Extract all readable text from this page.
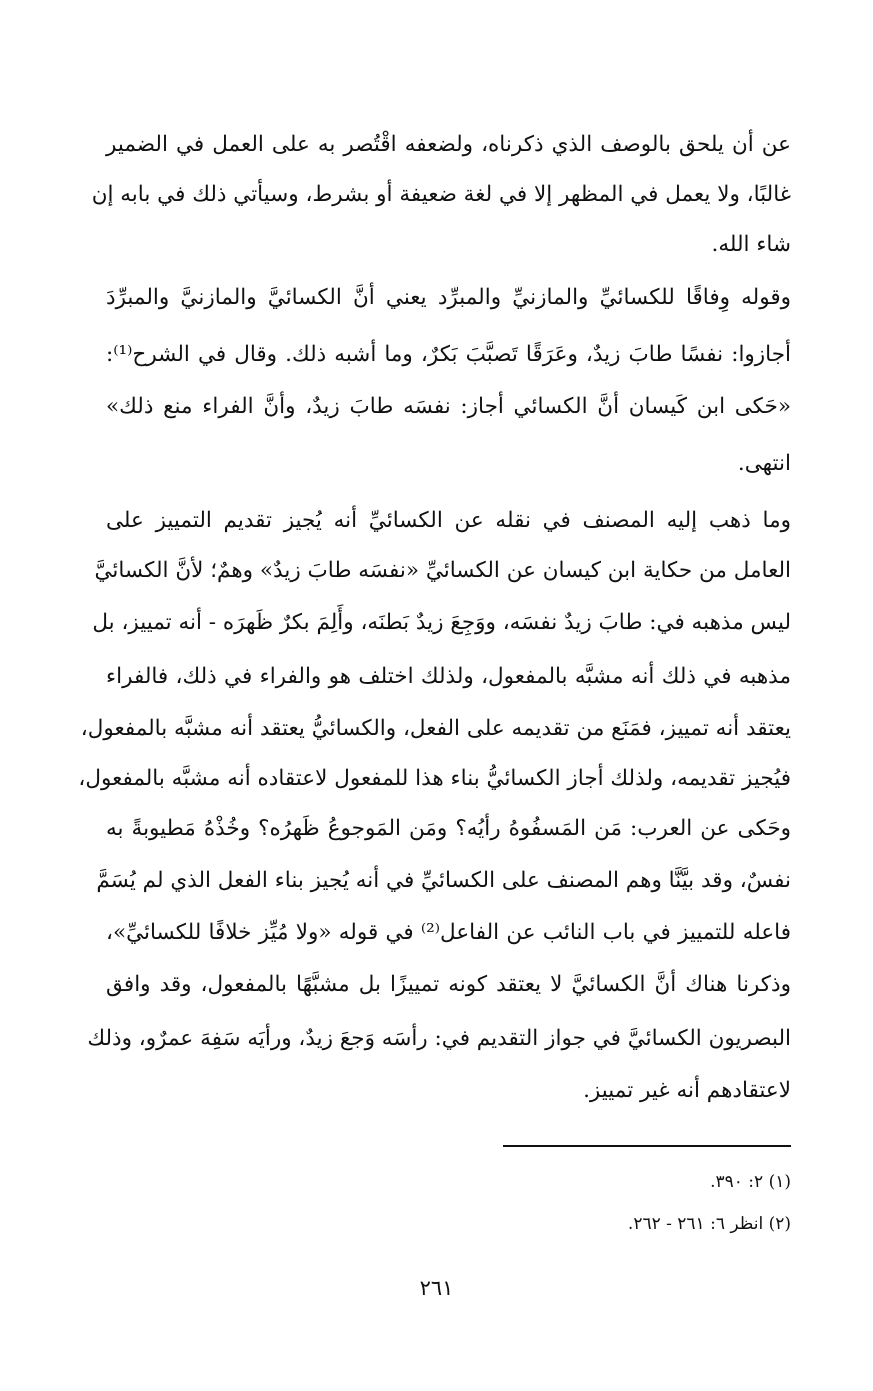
عن أن يلحق بالوصف الذي ذكرناه، ولضعفه اقْتُصر به على العمل في الضمير
غالبًا، ولا يعمل في المظهر إلا في لغة ضعيفة أو بشرط، وسيأتي ذلك في بابه إن
شاء الله.
وقوله وِفاقًا للكسائيِّ والمازنيِّ والمبرِّد يعني أنَّ الكسائيَّ والمازنيَّ والمبرِّدَ
أجازوا: نفسًا طابَ زيدٌ، وعَرَقًا تَصبَّبَ بَكرٌ، وما أشبه ذلك. وقال في الشرح⁽¹⁾:
«حَكى ابن كَيسان أنَّ الكسائي أجاز: نفسَه طابَ زيدٌ، وأنَّ الفراء منع ذلك»
انتهى.
وما ذهب إليه المصنف في نقله عن الكسائيِّ أنه يُجيز تقديم التمييز على
العامل من حكاية ابن كيسان عن الكسائيِّ «نفسَه طابَ زيدٌ» وهمٌ؛ لأنَّ الكسائيَّ
ليس مذهبه في: طابَ زيدٌ نفسَه، ووَجِعَ زيدٌ بَطنَه، وأَلِمَ بكرٌ ظَهرَه - أنه تمييز، بل
مذهبه في ذلك أنه مشبَّه بالمفعول، ولذلك اختلف هو والفراء في ذلك، فالفراء
يعتقد أنه تمييز، فمَنَع من تقديمه على الفعل، والكسائيُّ يعتقد أنه مشبَّه بالمفعول،
فيُجيز تقديمه، ولذلك أجاز الكسائيُّ بناء هذا للمفعول لاعتقاده أنه مشبَّه بالمفعول،
وحَكى عن العرب: مَن المَسفُوهُ رأيُه؟ ومَن المَوجوعُ ظَهرُه؟ وخُذْهُ مَطيوبةً به
نفسٌ، وقد بيَّنَّا وهم المصنف على الكسائيِّ في أنه يُجيز بناء الفعل الذي لم يُسَمَّ
فاعله للتمييز في باب النائب عن الفاعل⁽²⁾ في قوله «ولا مُيِّز خلافًا للكسائيِّ»،
وذكرنا هناك أنَّ الكسائيَّ لا يعتقد كونه تمييزًا بل مشبَّهًا بالمفعول، وقد وافق
البصريون الكسائيَّ في جواز التقديم في: رأسَه وَجعَ زيدٌ، ورأيَه سَفِهَ عمرٌو، وذلك
لاعتقادهم أنه غير تمييز.
(١) ٢: ٣٩٠.
(٢) انظر ٦: ٢٦١ - ٢٦٢.
٢٦١
